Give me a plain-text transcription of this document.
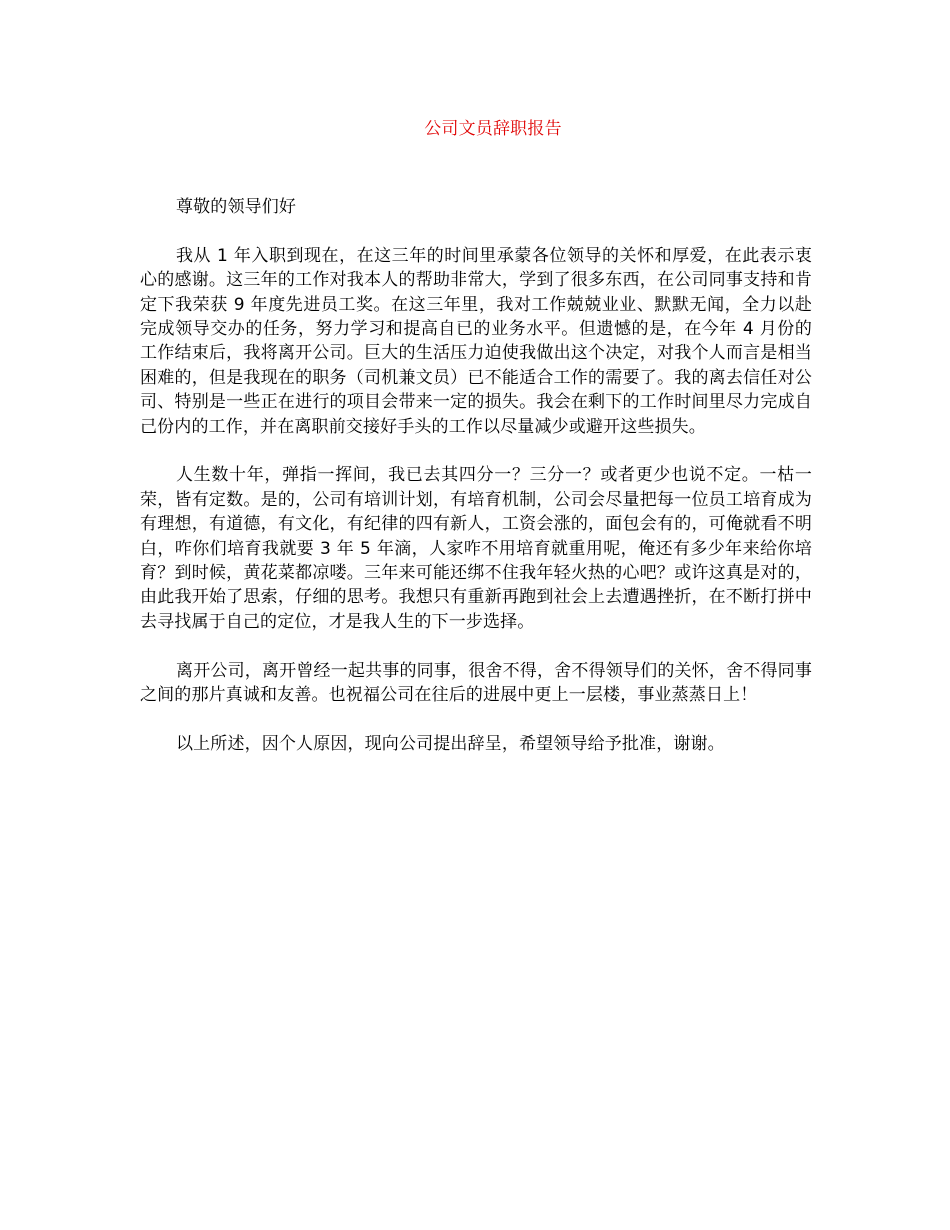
公司文员辞职报告

尊敬的领导们好

我从 1 年入职到现在，在这三年的时间里承蒙各位领导的关怀和厚爱，在此表示衷心的感谢。这三年的工作对我本人的帮助非常大，学到了很多东西，在公司同事支持和肯定下我荣获 9 年度先进员工奖。在这三年里，我对工作兢兢业业、默默无闻，全力以赴完成领导交办的任务，努力学习和提高自已的业务水平。但遗憾的是，在今年 4 月份的工作结束后，我将离开公司。巨大的生活压力迫使我做出这个决定，对我个人而言是相当困难的，但是我现在的职务（司机兼文员）已不能适合工作的需要了。我的离去信任对公司、特别是一些正在进行的项目会带来一定的损失。我会在剩下的工作时间里尽力完成自己份内的工作，并在离职前交接好手头的工作以尽量减少或避开这些损失。

人生数十年，弹指一挥间，我已去其四分一？三分一？或者更少也说不定。一枯一荣，皆有定数。是的，公司有培训计划，有培育机制，公司会尽量把每一位员工培育成为有理想，有道德，有文化，有纪律的四有新人，工资会涨的，面包会有的，可俺就看不明白，咋你们培育我就要 3 年 5 年滴，人家咋不用培育就重用呢，俺还有多少年来给你培育？到时候，黄花菜都凉喽。三年来可能还绑不住我年轻火热的心吧？或许这真是对的，由此我开始了思索，仔细的思考。我想只有重新再跑到社会上去遭遇挫折，在不断打拼中去寻找属于自己的定位，才是我人生的下一步选择。

离开公司，离开曾经一起共事的同事，很舍不得，舍不得领导们的关怀，舍不得同事之间的那片真诚和友善。也祝福公司在往后的进展中更上一层楼，事业蒸蒸日上！

以上所述，因个人原因，现向公司提出辞呈，希望领导给予批准，谢谢。
